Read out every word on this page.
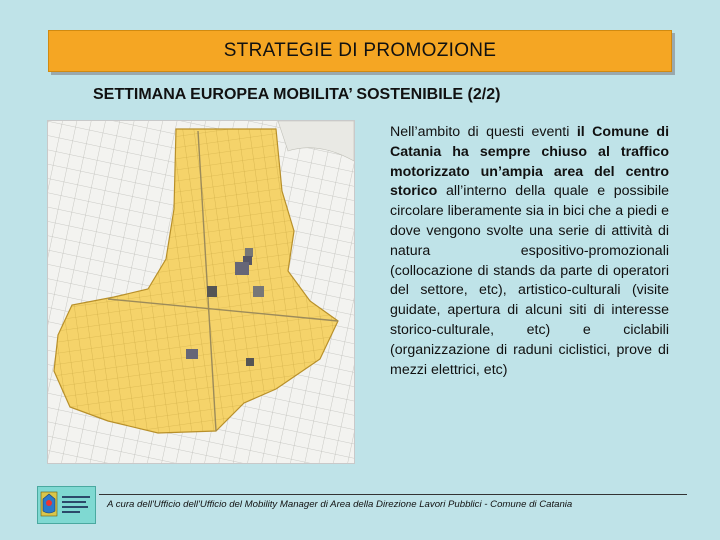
STRATEGIE DI PROMOZIONE
SETTIMANA EUROPEA MOBILITA’ SOSTENIBILE (2/2)
Nell’ambito di questi eventi il Comune di Catania ha sempre chiuso al traffico motorizzato un’ampia area del centro storico all’interno della quale e possibile circolare liberamente sia in bici che a piedi e dove vengono svolte una serie di attività di natura espositivo-promozionali (collocazione di stands da parte di operatori del settore, etc), artistico-culturali (visite guidate, apertura di alcuni siti di interesse storico-culturale, etc) e ciclabili (organizzazione di raduni ciclistici, prove di mezzi elettrici, etc)
A cura dell'Ufficio dell'Ufficio del Mobility Manager di Area della Direzione Lavori Pubblici - Comune di Catania
